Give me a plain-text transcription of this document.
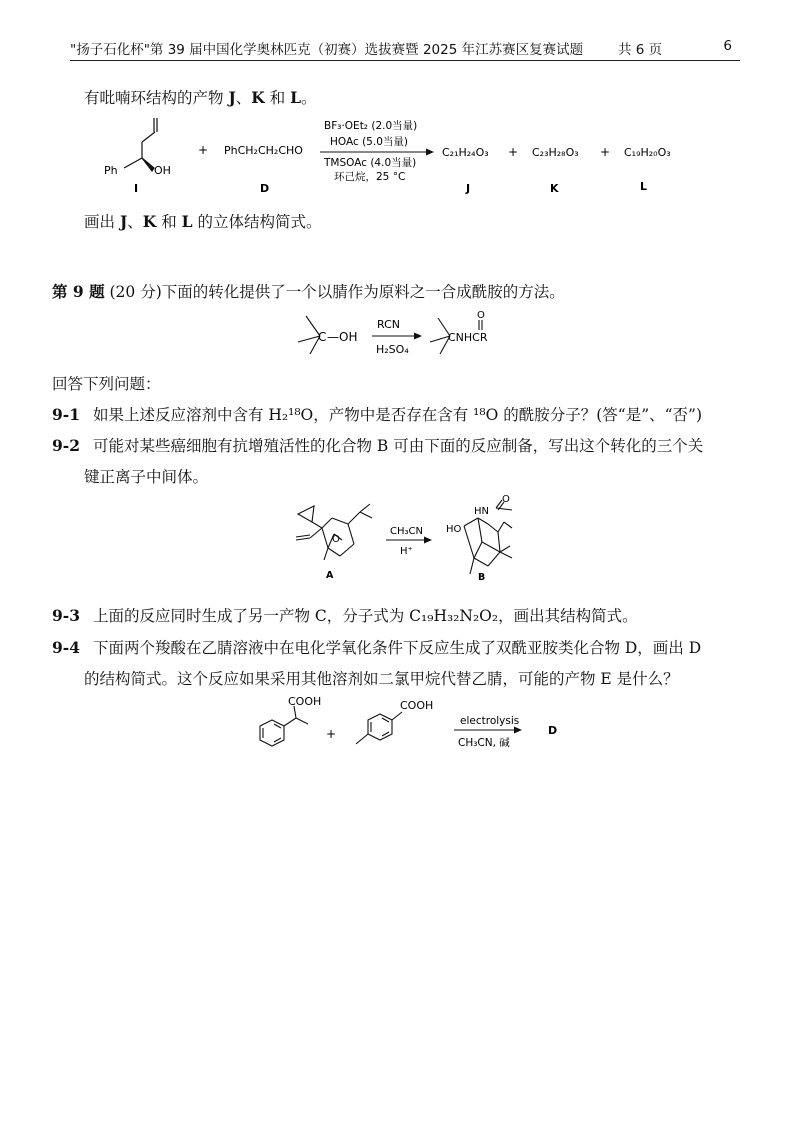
"扬子石化杯"第 39 届中国化学奥林匹克（初赛）选拔赛暨 2025 年江苏赛区复赛试题	共 6 页	6
有吡喃环结构的产物 J、K 和 L。
Ph	OH
I
+ PhCH₂CH₂CHO
D
BF₃·OEt₂ (2.0当量)
HOAc (5.0当量)
TMSOAc (4.0当量)
环己烷，25 °C
C₂₁H₂₄O₃ + C₂₃H₂₈O₃ + C₁₉H₂₀O₃
J	K	L
画出 J、K 和 L 的立体结构简式。
第 9 题 (20 分)下面的转化提供了一个以腈作为原料之一合成酰胺的方法。
C —OH
RCN
H₂SO₄
O
CNHCR
回答下列问题：
9-1 如果上述反应溶剂中含有 H₂¹⁸O，产物中是否存在含有 ¹⁸O 的酰胺分子？(答“是”、“否”)
9-2 可能对某些癌细胞有抗增殖活性的化合物 B 可由下面的反应制备，写出这个转化的三个关
键正离子中间体。
O
A
CH₃CN
H⁺
HO
HN
O
B
9-3 上面的反应同时生成了另一产物 C，分子式为 C₁₉H₃₂N₂O₂，画出其结构简式。
9-4 下面两个羧酸在乙腈溶液中在电化学氧化条件下反应生成了双酰亚胺类化合物 D，画出 D
的结构简式。这个反应如果采用其他溶剂如二氯甲烷代替乙腈，可能的产物 E 是什么？
COOH
+
COOH
electrolysis
CH₃CN, 碱
D
